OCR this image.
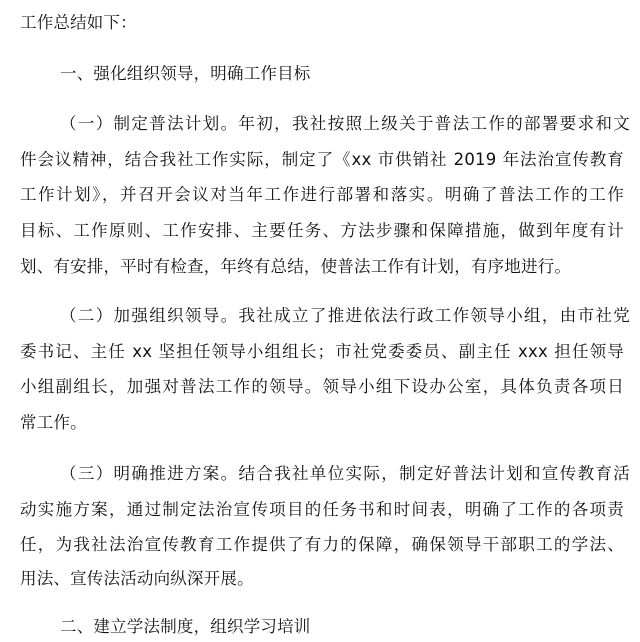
工作总结如下：
一、强化组织领导，明确工作目标
（一）制定普法计划。年初，我社按照上级关于普法工作的部署要求和文
件会议精神，结合我社工作实际，制定了《xx 市供销社 2019 年法治宣传教育
工作计划》，并召开会议对当年工作进行部署和落实。明确了普法工作的工作
目标、工作原则、工作安排、主要任务、方法步骤和保障措施，做到年度有计
划、有安排，平时有检查，年终有总结，使普法工作有计划，有序地进行。
（二）加强组织领导。我社成立了推进依法行政工作领导小组，由市社党
委书记、主任 xx 坚担任领导小组组长；市社党委委员、副主任 xxx 担任领导
小组副组长，加强对普法工作的领导。领导小组下设办公室，具体负责各项日
常工作。
（三）明确推进方案。结合我社单位实际，制定好普法计划和宣传教育活
动实施方案，通过制定法治宣传项目的任务书和时间表，明确了工作的各项责
任，为我社法治宣传教育工作提供了有力的保障，确保领导干部职工的学法、
用法、宣传法活动向纵深开展。
二、建立学法制度，组织学习培训
